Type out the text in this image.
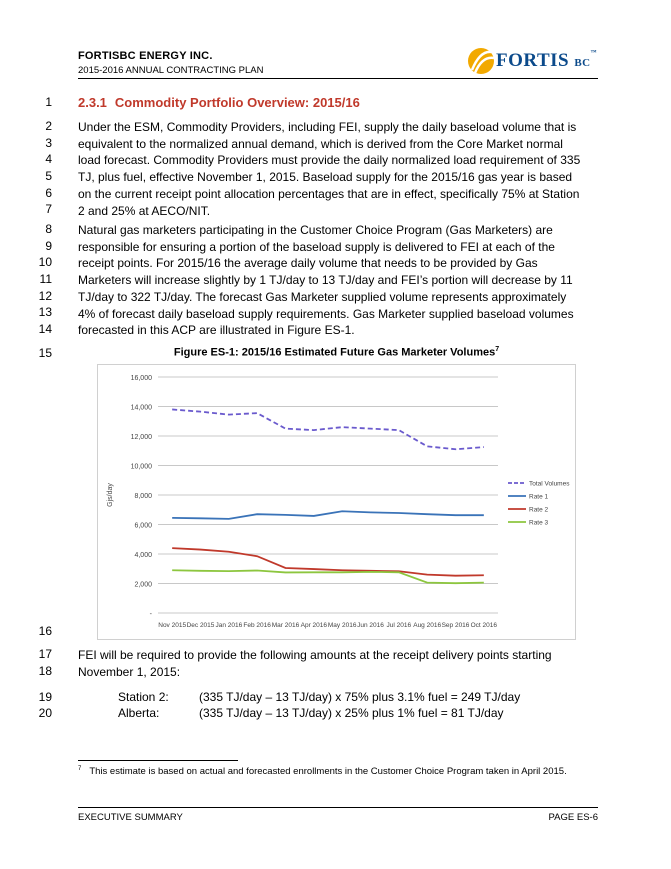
FORTISBC ENERGY INC.
2015-2016 ANNUAL CONTRACTING PLAN	FORTIS BC™
1
2
3
4
5
6
7
8
9
10
11
12
13
14
15
16
17
18
19
20
2.3.1 Commodity Portfolio Overview: 2015/16
Under the ESM, Commodity Providers, including FEI, supply the daily baseload volume that is
equivalent to the normalized annual demand, which is derived from the Core Market normal
load forecast. Commodity Providers must provide the daily normalized load requirement of 335
TJ, plus fuel, effective November 1, 2015. Baseload supply for the 2015/16 gas year is based
on the current receipt point allocation percentages that are in effect, specifically 75% at Station
2 and 25% at AECO/NIT.
Natural gas marketers participating in the Customer Choice Program (Gas Marketers) are
responsible for ensuring a portion of the baseload supply is delivered to FEI at each of the
receipt points. For 2015/16 the average daily volume that needs to be provided by Gas
Marketers will increase slightly by 1 TJ/day to 13 TJ/day and FEI’s portion will decrease by 11
TJ/day to 322 TJ/day. The forecast Gas Marketer supplied volume represents approximately
4% of forecast daily baseload supply requirements. Gas Marketer supplied baseload volumes
forecasted in this ACP are illustrated in Figure ES-1.
Figure ES-1: 2015/16 Estimated Future Gas Marketer Volumes$^7$
-
2,000
4,000
6,000
8,000
10,000
12,000
14,000
16,000
Nov 2015 Dec 2015 Jan 2016 Feb 2016 Mar 2016 Apr 2016 May 2016 Jun 2016 Jul 2016 Aug 2016 Sep 2016 Oct 2016
Gjs/day	Total Volumes
Rate 1
Rate 2
Rate 3
FEI will be required to provide the following amounts at the receipt delivery points starting
November 1, 2015:
Station 2:	(335 TJ/day – 13 TJ/day) x 75% plus 3.1% fuel = 249 TJ/day
Alberta:	(335 TJ/day – 13 TJ/day) x 25% plus 1% fuel = 81 TJ/day
$^7$ This estimate is based on actual and forecasted enrollments in the Customer Choice Program taken in April 2015.
EXECUTIVE SUMMARY	PAGE ES-6
